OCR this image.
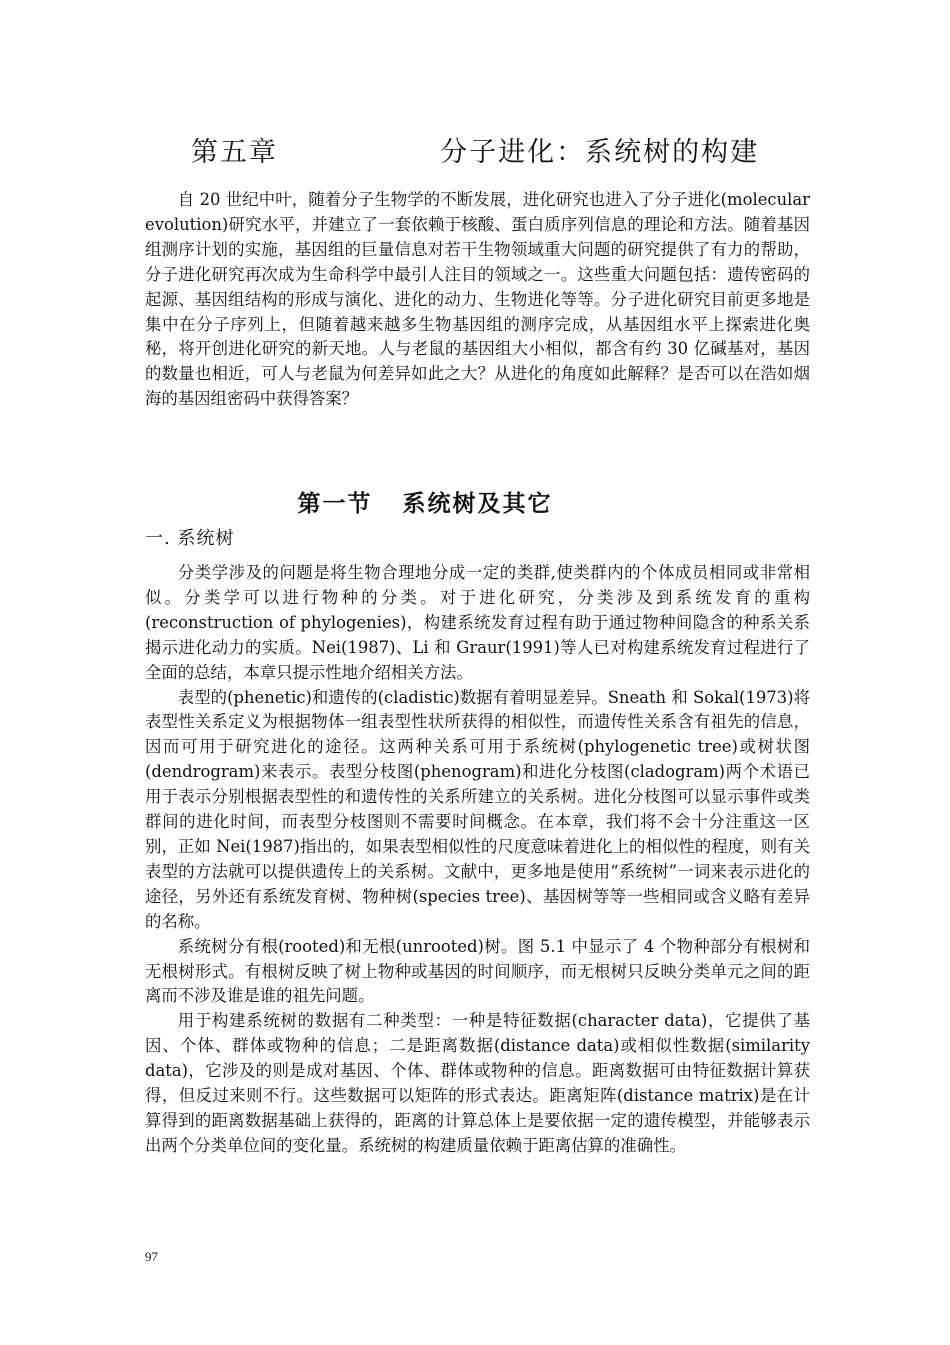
第五章    分子进化：系统树的构建

自 20 世纪中叶，随着分子生物学的不断发展，进化研究也进入了分子进化(molecular evolution)研究水平，并建立了一套依赖于核酸、蛋白质序列信息的理论和方法。随着基因组测序计划的实施，基因组的巨量信息对若干生物领域重大问题的研究提供了有力的帮助，分子进化研究再次成为生命科学中最引人注目的领域之一。这些重大问题包括：遗传密码的起源、基因组结构的形成与演化、进化的动力、生物进化等等。分子进化研究目前更多地是集中在分子序列上，但随着越来越多生物基因组的测序完成，从基因组水平上探索进化奥秘，将开创进化研究的新天地。人与老鼠的基因组大小相似，都含有约 30 亿碱基对，基因的数量也相近，可人与老鼠为何差异如此之大？从进化的角度如此解释？是否可以在浩如烟海的基因组密码中获得答案？

第一节   系统树及其它
一. 系统树

分类学涉及的问题是将生物合理地分成一定的类群,使类群内的个体成员相同或非常相似。分类学可以进行物种的分类。对于进化研究，分类涉及到系统发育的重构(reconstruction of phylogenies)，构建系统发育过程有助于通过物种间隐含的种系关系揭示进化动力的实质。Nei(1987)、Li 和 Graur(1991)等人已对构建系统发育过程进行了全面的总结，本章只提示性地介绍相关方法。

表型的(phenetic)和遗传的(cladistic)数据有着明显差异。Sneath 和 Sokal(1973)将表型性关系定义为根据物体一组表型性状所获得的相似性，而遗传性关系含有祖先的信息，因而可用于研究进化的途径。这两种关系可用于系统树(phylogenetic tree)或树状图(dendrogram)来表示。表型分枝图(phenogram)和进化分枝图(cladogram)两个术语已用于表示分别根据表型性的和遗传性的关系所建立的关系树。进化分枝图可以显示事件或类群间的进化时间，而表型分枝图则不需要时间概念。在本章，我们将不会十分注重这一区别，正如 Nei(1987)指出的，如果表型相似性的尺度意味着进化上的相似性的程度，则有关表型的方法就可以提供遗传上的关系树。文献中，更多地是使用“系统树”一词来表示进化的途径，另外还有系统发育树、物种树(species tree)、基因树等等一些相同或含义略有差异的名称。

系统树分有根(rooted)和无根(unrooted)树。图 5.1 中显示了 4 个物种部分有根树和无根树形式。有根树反映了树上物种或基因的时间顺序，而无根树只反映分类单元之间的距离而不涉及谁是谁的祖先问题。

用于构建系统树的数据有二种类型：一种是特征数据(character data)，它提供了基因、个体、群体或物种的信息；二是距离数据(distance data)或相似性数据(similarity data)，它涉及的则是成对基因、个体、群体或物种的信息。距离数据可由特征数据计算获得，但反过来则不行。这些数据可以矩阵的形式表达。距离矩阵(distance matrix)是在计算得到的距离数据基础上获得的，距离的计算总体上是要依据一定的遗传模型，并能够表示出两个分类单位间的变化量。系统树的构建质量依赖于距离估算的准确性。

97
